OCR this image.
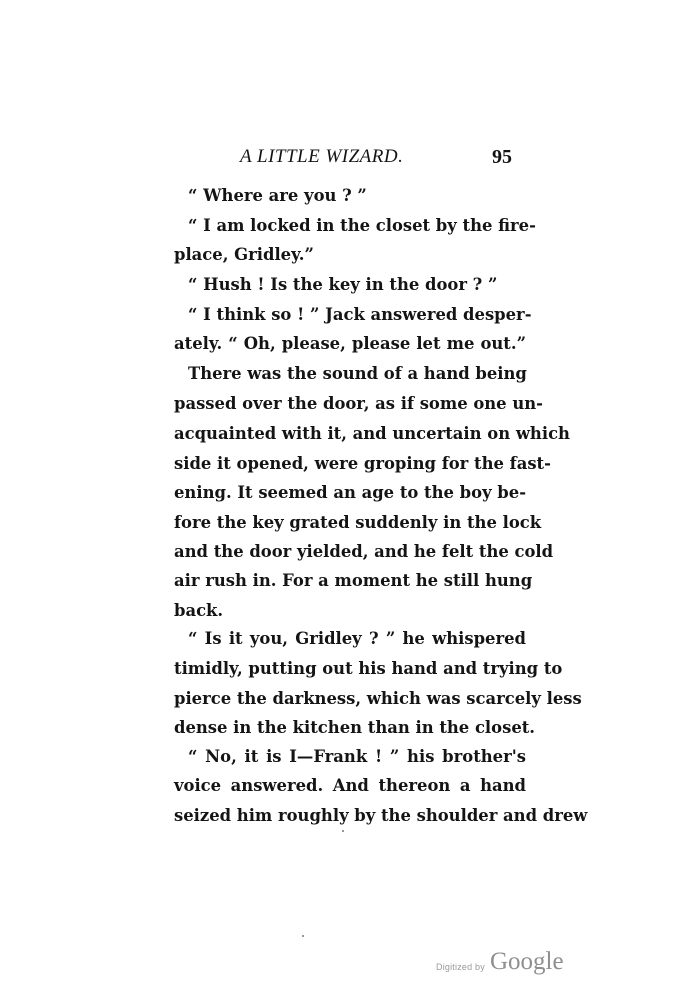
A LITTLE WIZARD.	95
“ Where are you ? ”
“ I am locked in the closet by the fire-
place, Gridley.”
“ Hush ! Is the key in the door ? ”
“ I think so ! ” Jack answered desper-
ately. “ Oh, please, please let me out.”
There was the sound of a hand being
passed over the door, as if some one un-
acquainted with it, and uncertain on which
side it opened, were groping for the fast-
ening. It seemed an age to the boy be-
fore the key grated suddenly in the lock
and the door yielded, and he felt the cold
air rush in. For a moment he still hung
back.
“ Is it you, Gridley ? ” he whispered
timidly, putting out his hand and trying to
pierce the darkness, which was scarcely less
dense in the kitchen than in the closet.
“ No, it is I—Frank ! ” his brother's
voice answered. And thereon a hand
seized him roughly by the shoulder and drew
Digitized by Google
